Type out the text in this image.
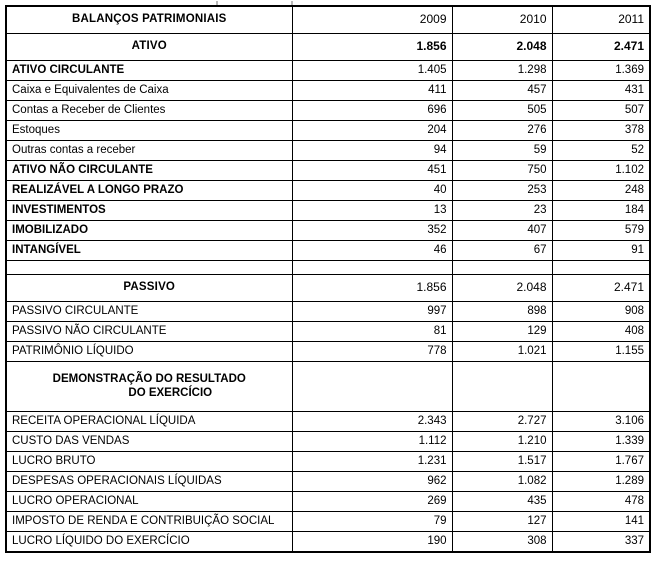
BALANÇOS PATRIMONIAIS	2009	2010	2011
ATIVO	1.856	2.048	2.471
ATIVO CIRCULANTE	1.405	1.298	1.369
Caixa e Equivalentes de Caixa	411	457	431
Contas a Receber de Clientes	696	505	507
Estoques	204	276	378
Outras contas a receber	94	59	52
ATIVO NÃO CIRCULANTE	451	750	1.102
REALIZÁVEL A LONGO PRAZO	40	253	248
INVESTIMENTOS	13	23	184
IMOBILIZADO	352	407	579
INTANGÍVEL	46	67	91

PASSIVO	1.856	2.048	2.471
PASSIVO CIRCULANTE	997	898	908
PASSIVO NÃO CIRCULANTE	81	129	408
PATRIMÔNIO LÍQUIDO	778	1.021	1.155
DEMONSTRAÇÃO DO RESULTADO
DO EXERCÍCIO			

RECEITA OPERACIONAL LÍQUIDA	2.343	2.727	3.106
CUSTO DAS VENDAS	1.112	1.210	1.339
LUCRO BRUTO	1.231	1.517	1.767
DESPESAS OPERACIONAIS LÍQUIDAS	962	1.082	1.289
LUCRO OPERACIONAL	269	435	478
IMPOSTO DE RENDA E CONTRIBUIÇÃO SOCIAL	79	127	141
LUCRO LÍQUIDO DO EXERCÍCIO	190	308	337
